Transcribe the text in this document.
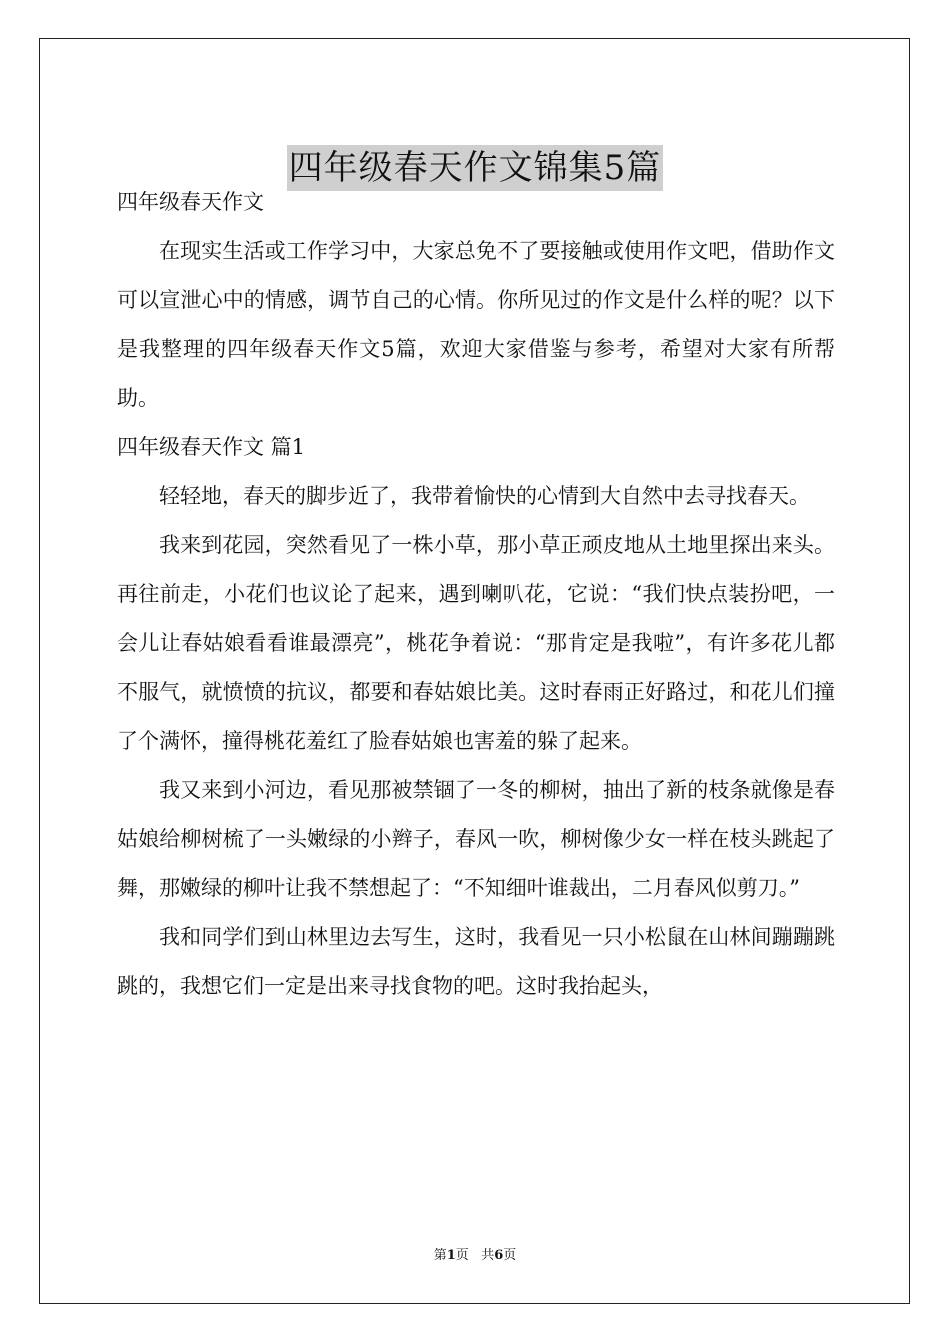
四年级春天作文锦集5篇

四年级春天作文

在现实生活或工作学习中，大家总免不了要接触或使用作文吧，借助作文可以宣泄心中的情感，调节自己的心情。你所见过的作文是什么样的呢？以下是我整理的四年级春天作文5篇，欢迎大家借鉴与参考，希望对大家有所帮助。

四年级春天作文 篇1

轻轻地，春天的脚步近了，我带着愉快的心情到大自然中去寻找春天。

我来到花园，突然看见了一株小草，那小草正顽皮地从土地里探出来头。再往前走，小花们也议论了起来，遇到喇叭花，它说：“我们快点装扮吧，一会儿让春姑娘看看谁最漂亮”，桃花争着说：“那肯定是我啦”，有许多花儿都不服气，就愤愤的抗议，都要和春姑娘比美。这时春雨正好路过，和花儿们撞了个满怀，撞得桃花羞红了脸春姑娘也害羞的躲了起来。

我又来到小河边，看见那被禁锢了一冬的柳树，抽出了新的枝条就像是春姑娘给柳树梳了一头嫩绿的小辫子，春风一吹，柳树像少女一样在枝头跳起了舞，那嫩绿的柳叶让我不禁想起了：“不知细叶谁裁出，二月春风似剪刀。”

我和同学们到山林里边去写生，这时，我看见一只小松鼠在山林间蹦蹦跳跳的，我想它们一定是出来寻找食物的吧。这时我抬起头，

第1页 共6页
